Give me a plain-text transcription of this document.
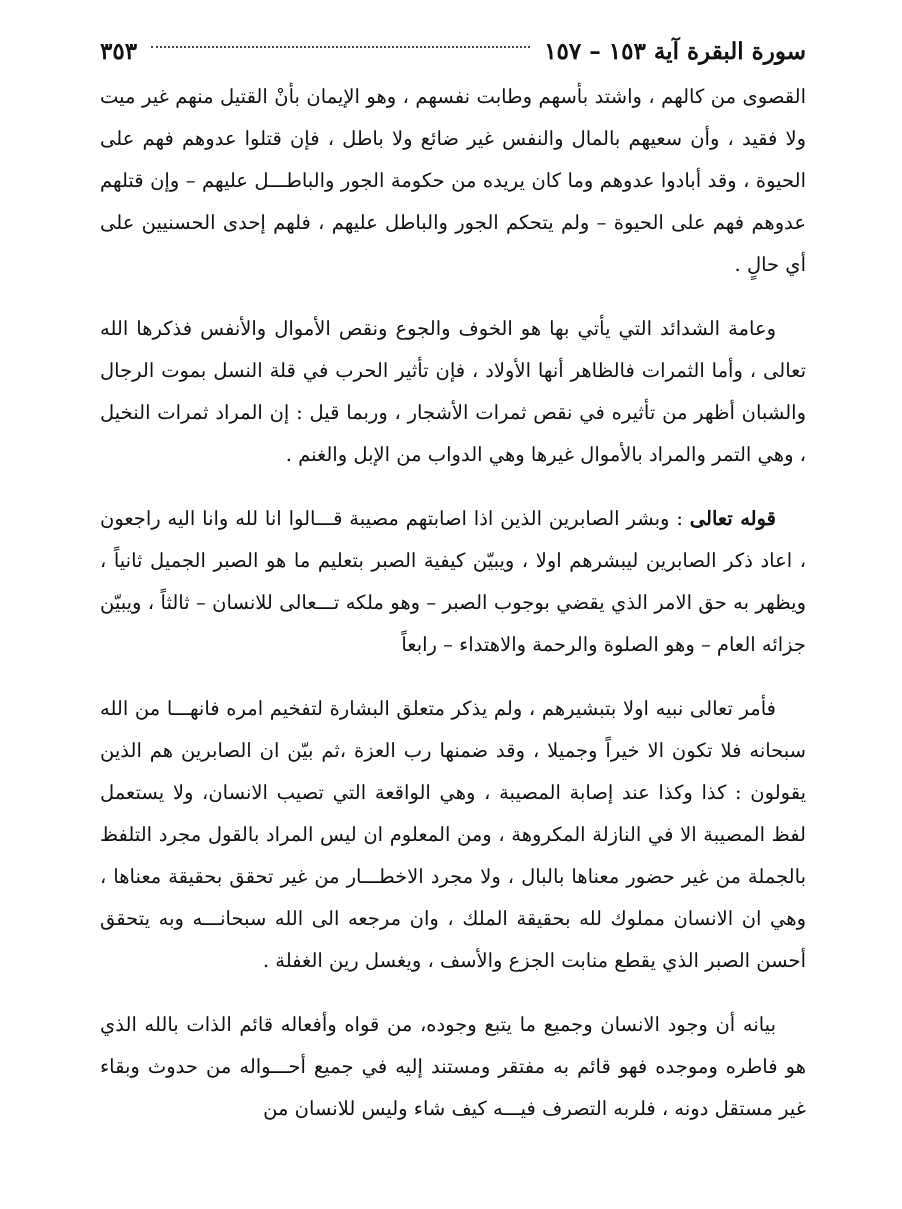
سورة البقرة آية ١٥٣ – ١٥٧
٣٥٣

القصوى من كالهم ، واشتد بأسهم وطابت نفسهم ، وهو الإيمان بأنْ القتيل منهم غير ميت ولا فقيد ، وأن سعيهم بالمال والنفس غير ضائع ولا باطل ، فإن قتلوا عدوهم فهم على الحيوة ، وقد أبادوا عدوهم وما كان يريده من حكومة الجور والباطـــل عليهم – وإن قتلهم عدوهم فهم على الحيوة – ولم يتحكم الجور والباطل عليهم ، فلهم إحدى الحسنيين على أي حالٍ .

وعامة الشدائد التي يأتي بها هو الخوف والجوع ونقص الأموال والأنفس فذكرها الله تعالى ، وأما الثمرات فالظاهر أنها الأولاد ، فإن تأثير الحرب في قلة النسل بموت الرجال والشبان أظهر من تأثيره في نقص ثمرات الأشجار ، وربما قيل : إن المراد ثمرات النخيل ، وهي التمر والمراد بالأموال غيرها وهي الدواب من الإبل والغنم .

قوله تعالى : وبشر الصابرين الذين اذا اصابتهم مصيبة قـــالوا انا لله وانا اليه راجعون ، اعاد ذكر الصابرين ليبشرهم اولا ، ويبيّن كيفية الصبر بتعليم ما هو الصبر الجميل ثانياً ، ويظهر به حق الامر الذي يقضي بوجوب الصبر – وهو ملكه تـــعالى للانسان – ثالثاً ، ويبيّن جزائه العام – وهو الصلوة والرحمة والاهتداء – رابعاً

فأمر تعالى نبيه اولا بتبشيرهم ، ولم يذكر متعلق البشارة لتفخيم امره فانهـــا من الله سبحانه فلا تكون الا خيراً وجميلا ، وقد ضمنها رب العزة ،ثم بيّن ان الصابرين هم الذين يقولون : كذا وكذا عند إصابة المصيبة ، وهي الواقعة التي تصيب الانسان، ولا يستعمل لفظ المصيبة الا في النازلة المكروهة ، ومن المعلوم ان ليس المراد بالقول مجرد التلفظ بالجملة من غير حضور معناها بالبال ، ولا مجرد الاخطـــار من غير تحقق بحقيقة معناها ، وهي ان الانسان مملوك لله بحقيقة الملك ، وان مرجعه الى الله سبحانـــه وبه يتحقق أحسن الصبر الذي يقطع منابت الجزع والأسف ، ويغسل رين الغفلة .

بيانه أن وجود الانسان وجميع ما يتبع وجوده، من قواه وأفعاله قائم الذات بالله الذي هو فاطره وموجده فهو قائم به مفتقر ومستند إليه في جميع أحـــواله من حدوث وبقاء غير مستقل دونه ، فلربه التصرف فيـــه كيف شاء وليس للانسان من
